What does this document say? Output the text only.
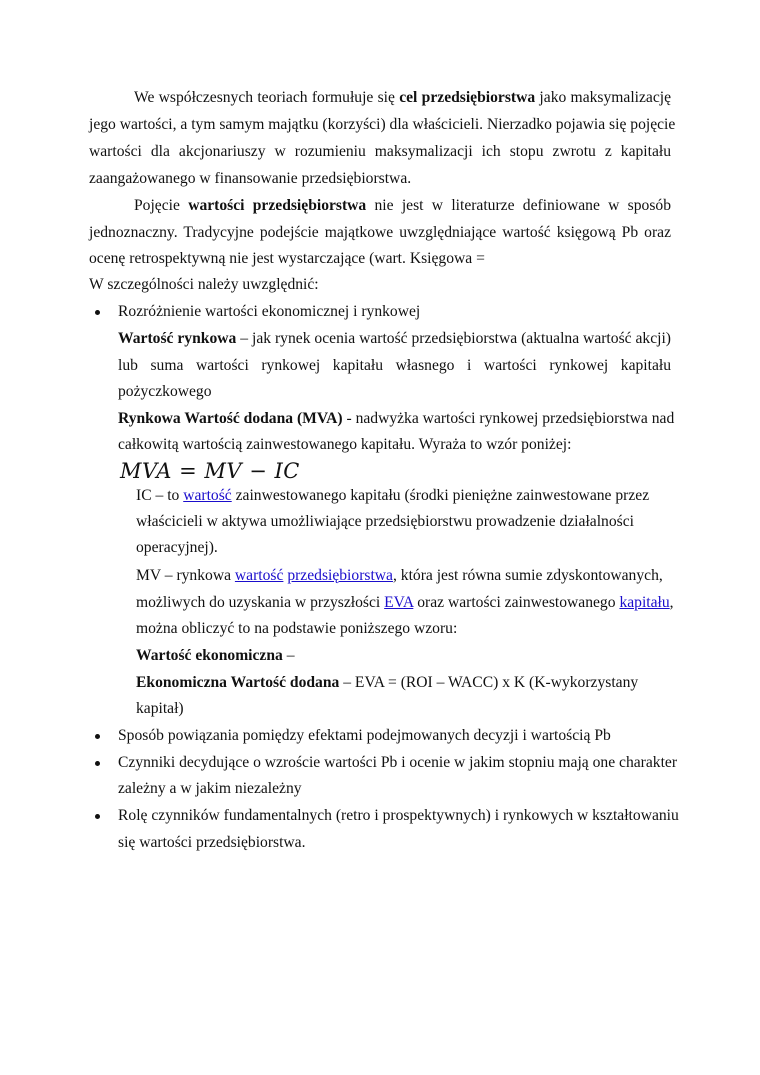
MVA = MV − IC
We współczesnych teoriach formułuje się cel przedsiębiorstwa jako maksymalizację
jego wartości, a tym samym majątku (korzyści) dla właścicieli. Nierzadko pojawia się pojęcie
wartości dla akcjonariuszy w rozumieniu maksymalizacji ich stopu zwrotu z kapitału
zaangażowanego w finansowanie przedsiębiorstwa.
Pojęcie wartości przedsiębiorstwa nie jest w literaturze definiowane w sposób
jednoznaczny. Tradycyjne podejście majątkowe uwzględniające wartość księgową Pb oraz
ocenę retrospektywną nie jest wystarczające (wart. Księgowa =
W szczególności należy uwzględnić:
Rozróżnienie wartości ekonomicznej i rynkowej
Wartość rynkowa – jak rynek ocenia wartość przedsiębiorstwa (aktualna wartość akcji)
lub suma wartości rynkowej kapitału własnego i wartości rynkowej kapitału
pożyczkowego
Rynkowa Wartość dodana (MVA) - nadwyżka wartości rynkowej przedsiębiorstwa nad
całkowitą wartością zainwestowanego kapitału. Wyraża to wzór poniżej:
IC – to wartość zainwestowanego kapitału (środki pieniężne zainwestowane przez
właścicieli w aktywa umożliwiające przedsiębiorstwu prowadzenie działalności
operacyjnej).
MV – rynkowa wartość przedsiębiorstwa, która jest równa sumie zdyskontowanych,
możliwych do uzyskania w przyszłości EVA oraz wartości zainwestowanego kapitału,
można obliczyć to na podstawie poniższego wzoru:
Wartość ekonomiczna –
Ekonomiczna Wartość dodana – EVA = (ROI – WACC) x K (K-wykorzystany
kapitał)
Sposób powiązania pomiędzy efektami podejmowanych decyzji i wartością Pb
Czynniki decydujące o wzroście wartości Pb i ocenie w jakim stopniu mają one charakter
zależny a w jakim niezależny
Rolę czynników fundamentalnych (retro i prospektywnych) i rynkowych w kształtowaniu
się wartości przedsiębiorstwa.
